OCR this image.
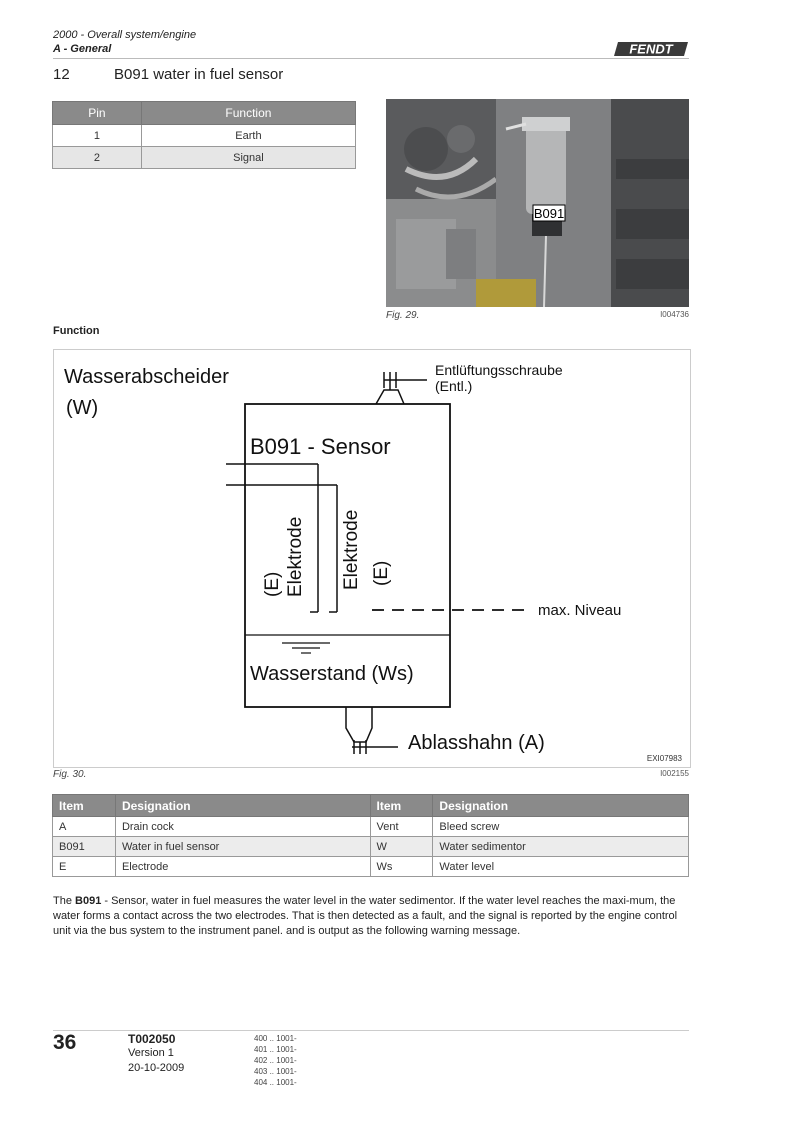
2000 - Overall system/engine
A - General	FENDT
12	B091 water in fuel sensor
Pin	Function
1	Earth
2	Signal
B091
Fig. 29.	I004736
Function
Wasserabscheider
(W)
Entlüftungsschraube
(Entl.)
B091 - Sensor
Elektrode
(E)	Elektrode (E)
max. Niveau
Wasserstand (Ws)
Ablasshahn (A)
EXI07983
Fig. 30.	I002155
Item	Designation	Item	Designation
A	Drain cock	Vent	Bleed screw
B091	Water in fuel sensor	W	Water sedimentor
E	Electrode	Ws	Water level
The B091 - Sensor, water in fuel measures the water level in the water sedimentor. If the water level reaches the maxi-mum, the water forms a contact across the two electrodes. That is then detected as a fault, and the signal is reported by the engine control unit via the bus system to the instrument panel. and is output as the following warning message.
36	T002050
Version 1
20-10-2009
400 .. 1001-
401 .. 1001-
402 .. 1001-
403 .. 1001-
404 .. 1001-
